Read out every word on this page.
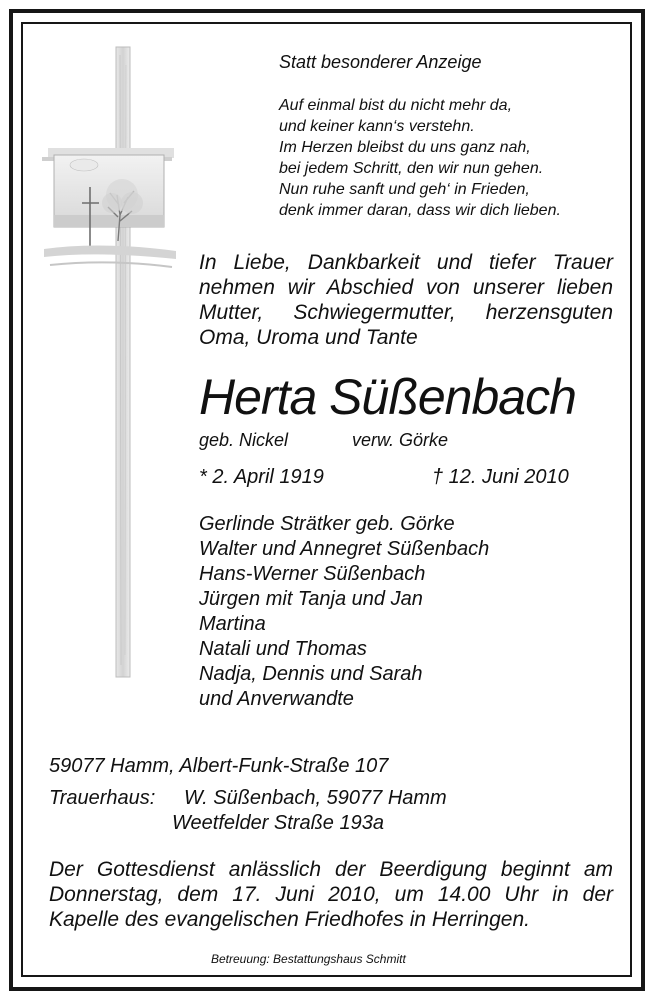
Statt besonderer Anzeige
Auf einmal bist du nicht mehr da,
und keiner kann‘s verstehn.
Im Herzen bleibst du uns ganz nah,
bei jedem Schritt, den wir nun gehen.
Nun ruhe sanft und geh‘ in Frieden,
denk immer daran, dass wir dich lieben.
In Liebe, Dankbarkeit und tiefer Trauer
nehmen wir Abschied von unserer lieben
Mutter, Schwiegermutter, herzensguten
Oma, Uroma und Tante
Herta Süßenbach
geb. Nickel	verw. Görke
* 2. April 1919	† 12. Juni 2010
Gerlinde Strätker geb. Görke
Walter und Annegret Süßenbach
Hans-Werner Süßenbach
Jürgen mit Tanja und Jan
Martina
Natali und Thomas
Nadja, Dennis und Sarah
und Anverwandte
59077 Hamm, Albert-Funk-Straße 107
Trauerhaus: W. Süßenbach, 59077 Hamm
Weetfelder Straße 193a
Der Gottesdienst anlässlich der Beerdigung beginnt am
Donnerstag, dem 17. Juni 2010, um 14.00 Uhr in der
Kapelle des evangelischen Friedhofes in Herringen.
Betreuung: Bestattungshaus Schmitt
